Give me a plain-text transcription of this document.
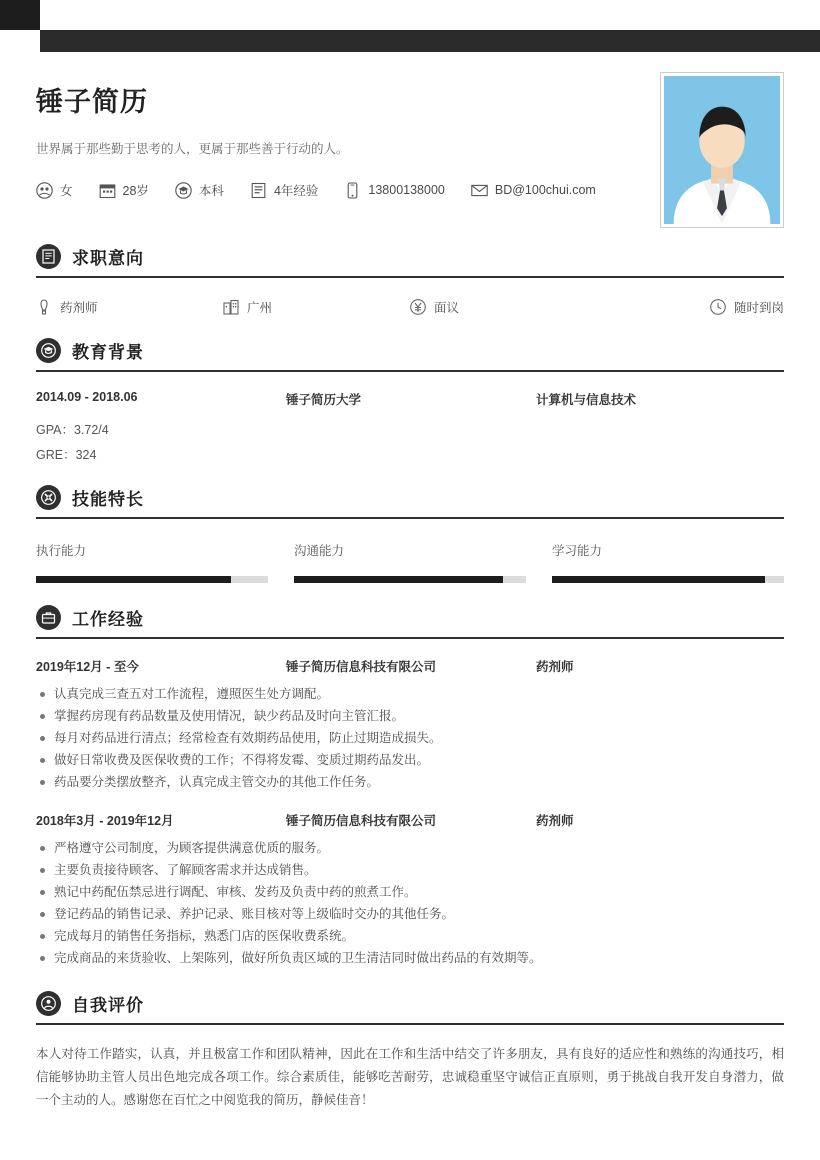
锤子简历
世界属于那些勤于思考的人，更属于那些善于行动的人。
女	28岁	本科	4年经验	13800138000	BD@100chui.com
求职意向
药剂师	广州	面议	随时到岗
教育背景
2014.09 - 2018.06	锤子简历大学	计算机与信息技术
GPA：3.72/4
GRE：324
技能特长
执行能力	沟通能力	学习能力
工作经验
2019年12月 - 至今	锤子简历信息科技有限公司	药剂师
认真完成三查五对工作流程，遵照医生处方调配。
掌握药房现有药品数量及使用情况，缺少药品及时向主管汇报。
每月对药品进行清点；经常检查有效期药品使用，防止过期造成损失。
做好日常收费及医保收费的工作；不得将发霉、变质过期药品发出。
药品要分类摆放整齐，认真完成主管交办的其他工作任务。
2018年3月 - 2019年12月	锤子简历信息科技有限公司	药剂师
严格遵守公司制度，为顾客提供满意优质的服务。
主要负责接待顾客、了解顾客需求并达成销售。
熟记中药配伍禁忌进行调配、审核、发药及负责中药的煎煮工作。
登记药品的销售记录、养护记录、账目核对等上级临时交办的其他任务。
完成每月的销售任务指标，熟悉门店的医保收费系统。
完成商品的来货验收、上架陈列，做好所负责区域的卫生清洁同时做出药品的有效期等。
自我评价
本人对待工作踏实，认真，并且极富工作和团队精神，因此在工作和生活中结交了许多朋友，具有良好的适应性和熟练的沟通技巧，相信能够协助主管人员出色地完成各项工作。综合素质佳，能够吃苦耐劳，忠诚稳重坚守诚信正直原则，勇于挑战自我开发自身潜力，做一个主动的人。感谢您在百忙之中阅览我的简历，静候佳音！
